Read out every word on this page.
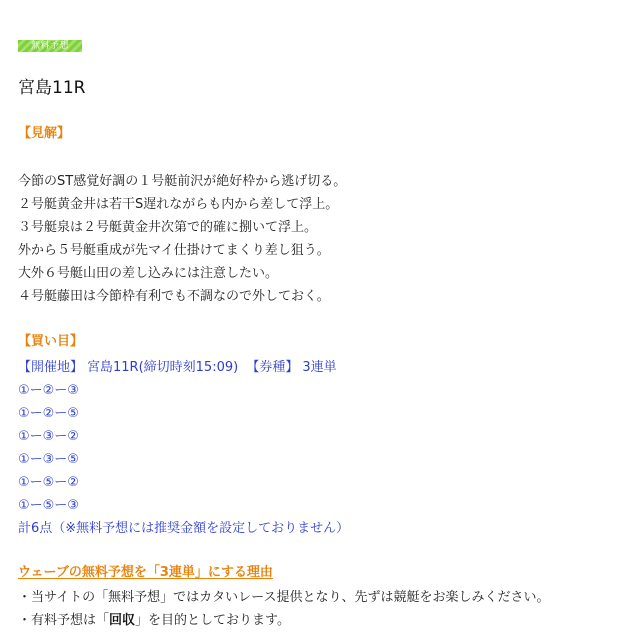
無料予想
宮島11R
【見解】
今節のST感覚好調の１号艇前沢が絶好枠から逃げ切る。
２号艇黄金井は若干S遅れながらも内から差して浮上。
３号艇泉は２号艇黄金井次第で的確に捌いて浮上。
外から５号艇重成が先マイ仕掛けてまくり差し狙う。
大外６号艇山田の差し込みには注意したい。
４号艇藤田は今節枠有利でも不調なので外しておく。
【買い目】
【開催地】 宮島11R(締切時刻15:09) 【券種】 3連単
①ー②ー③
①ー②ー⑤
①ー③ー②
①ー③ー⑤
①ー⑤ー②
①ー⑤ー③
計6点（※無料予想には推奨金額を設定しておりません）
ウェーブの無料予想を「3連単」にする理由
・当サイトの「無料予想」ではカタいレース提供となり、先ずは競艇をお楽しみください。
・有料予想は「回収」を目的としております。
